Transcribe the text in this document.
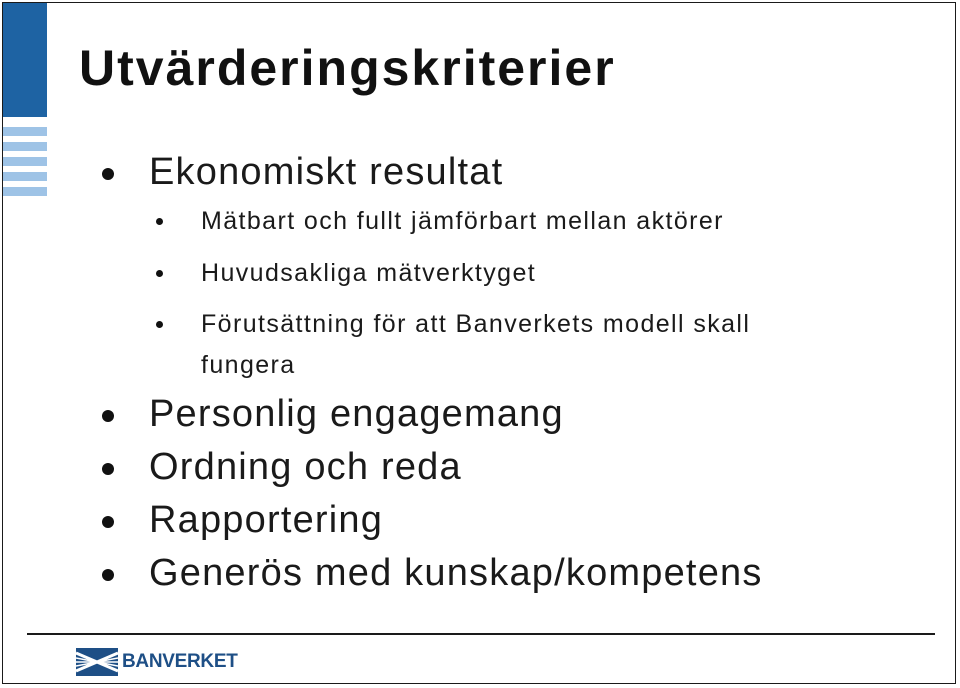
Utvärderingskriterier

Ekonomiskt resultat

Mätbart och fullt jämförbart mellan aktörer

Huvudsakliga mätverktyget

Förutsättning för att Banverkets modell skall

fungera

Personlig engagemang

Ordning och reda

Rapportering

Generös med kunskap/kompetens

BANVERKET
